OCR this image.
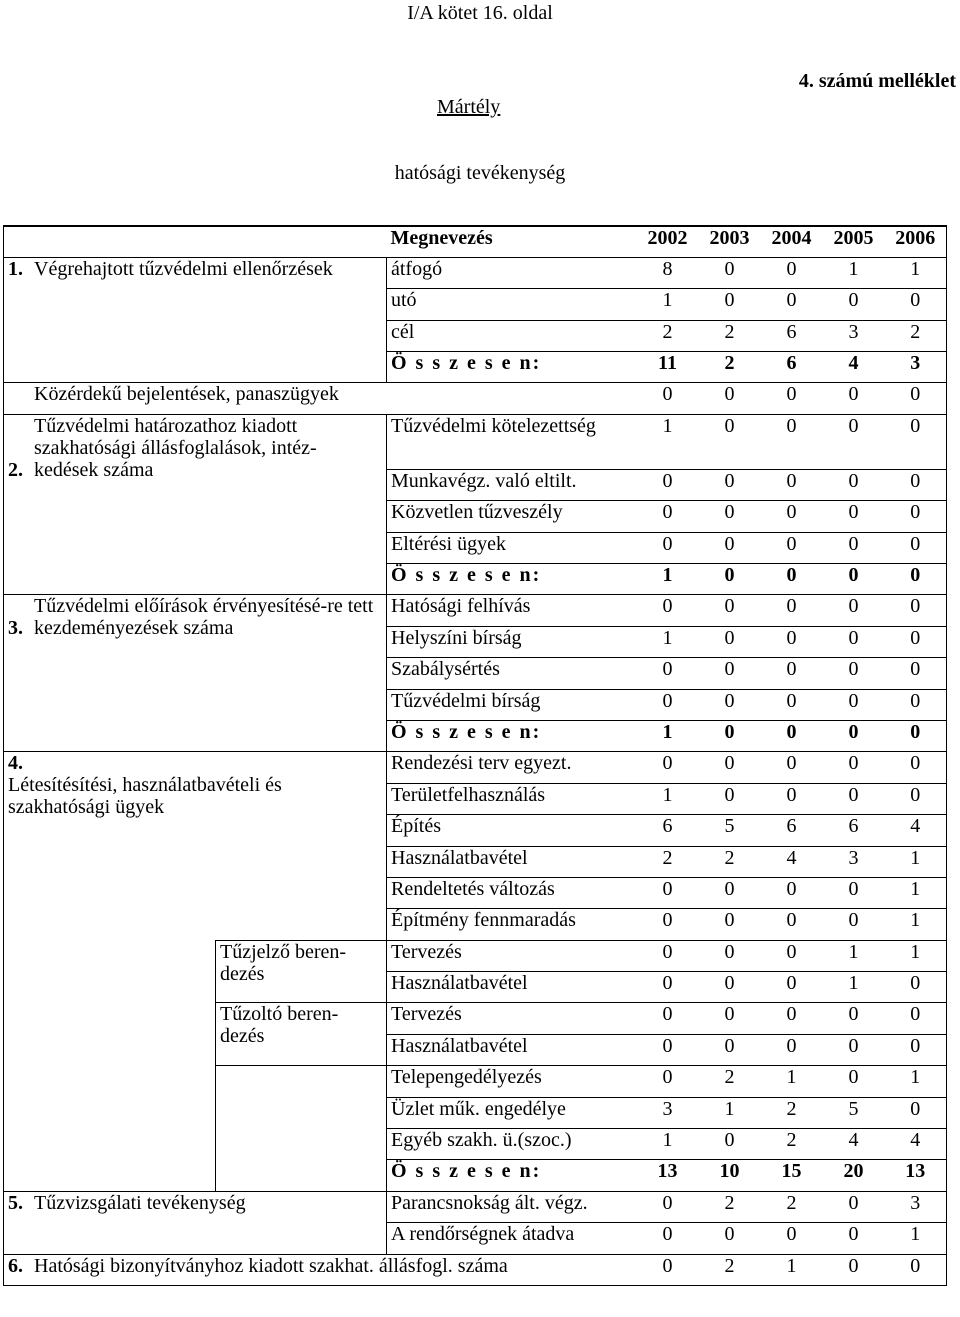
I/A kötet 16. oldal
4. számú melléklet
Mártély
hatósági tevékenység
		Megnevezés	2002	2003	2004	2005	2006
1. Végrehajtott tűzvédelmi ellenőrzések		átfogó	8	0	0	1	1
		utó	1	0	0	0	0
		cél	2	2	6	3	2
		Ö s s z e s e n:	11	2	6	4	3
Közérdekű bejelentések, panaszügyek			0	0	0	0	0
2.Tűzvédelmi határozathoz kiadott szakhatósági állásfoglalások, intéz-kedések száma		Tűzvédelmi kötelezettség	1	0	0	0	0
		Munkavégz. való eltilt.	0	0	0	0	0
		Közvetlen tűzveszély	0	0	0	0	0
		Eltérési ügyek	0	0	0	0	0
		Ö s s z e s e n:	1	0	0	0	0
3.Tűzvédelmi előírások érvényesítésé-re tett kezdeményezések száma		Hatósági felhívás	0	0	0	0	0
		Helyszíni bírság	1	0	0	0	0
		Szabálysértés	0	0	0	0	0
		Tűzvédelmi bírság	0	0	0	0	0
		Ö s s z e s e n:	1	0	0	0	0
4.Létesítésítési, használatbavételi és szakhatósági ügyek		Rendezési terv egyezt.	0	0	0	0	0
		Területfelhasználás	1	0	0	0	0
		Építés	6	5	6	6	4
		Használatbavétel	2	2	4	3	1
		Rendeltetés változás	0	0	0	0	1
		Építmény fennmaradás	0	0	0	0	1
	Tűzjelző beren-dezés	Tervezés	0	0	0	1	1
		Használatbavétel	0	0	0	1	0
	Tűzoltó beren-dezés	Tervezés	0	0	0	0	0
		Használatbavétel	0	0	0	0	0
		Telepengedélyezés	0	2	1	0	1
		Üzlet műk. engedélye	3	1	2	5	0
		Egyéb szakh. ü.(szoc.)	1	0	2	4	4
		Ö s s z e s e n:	13	10	15	20	13
5. Tűzvizsgálati tevékenység		Parancsnokság ált. végz.	0	2	2	0	3
		A rendőrségnek átadva	0	0	0	0	1
6. Hatósági bizonyítványhoz kiadott szakhat. állásfogl. száma			0	2	1	0	0
